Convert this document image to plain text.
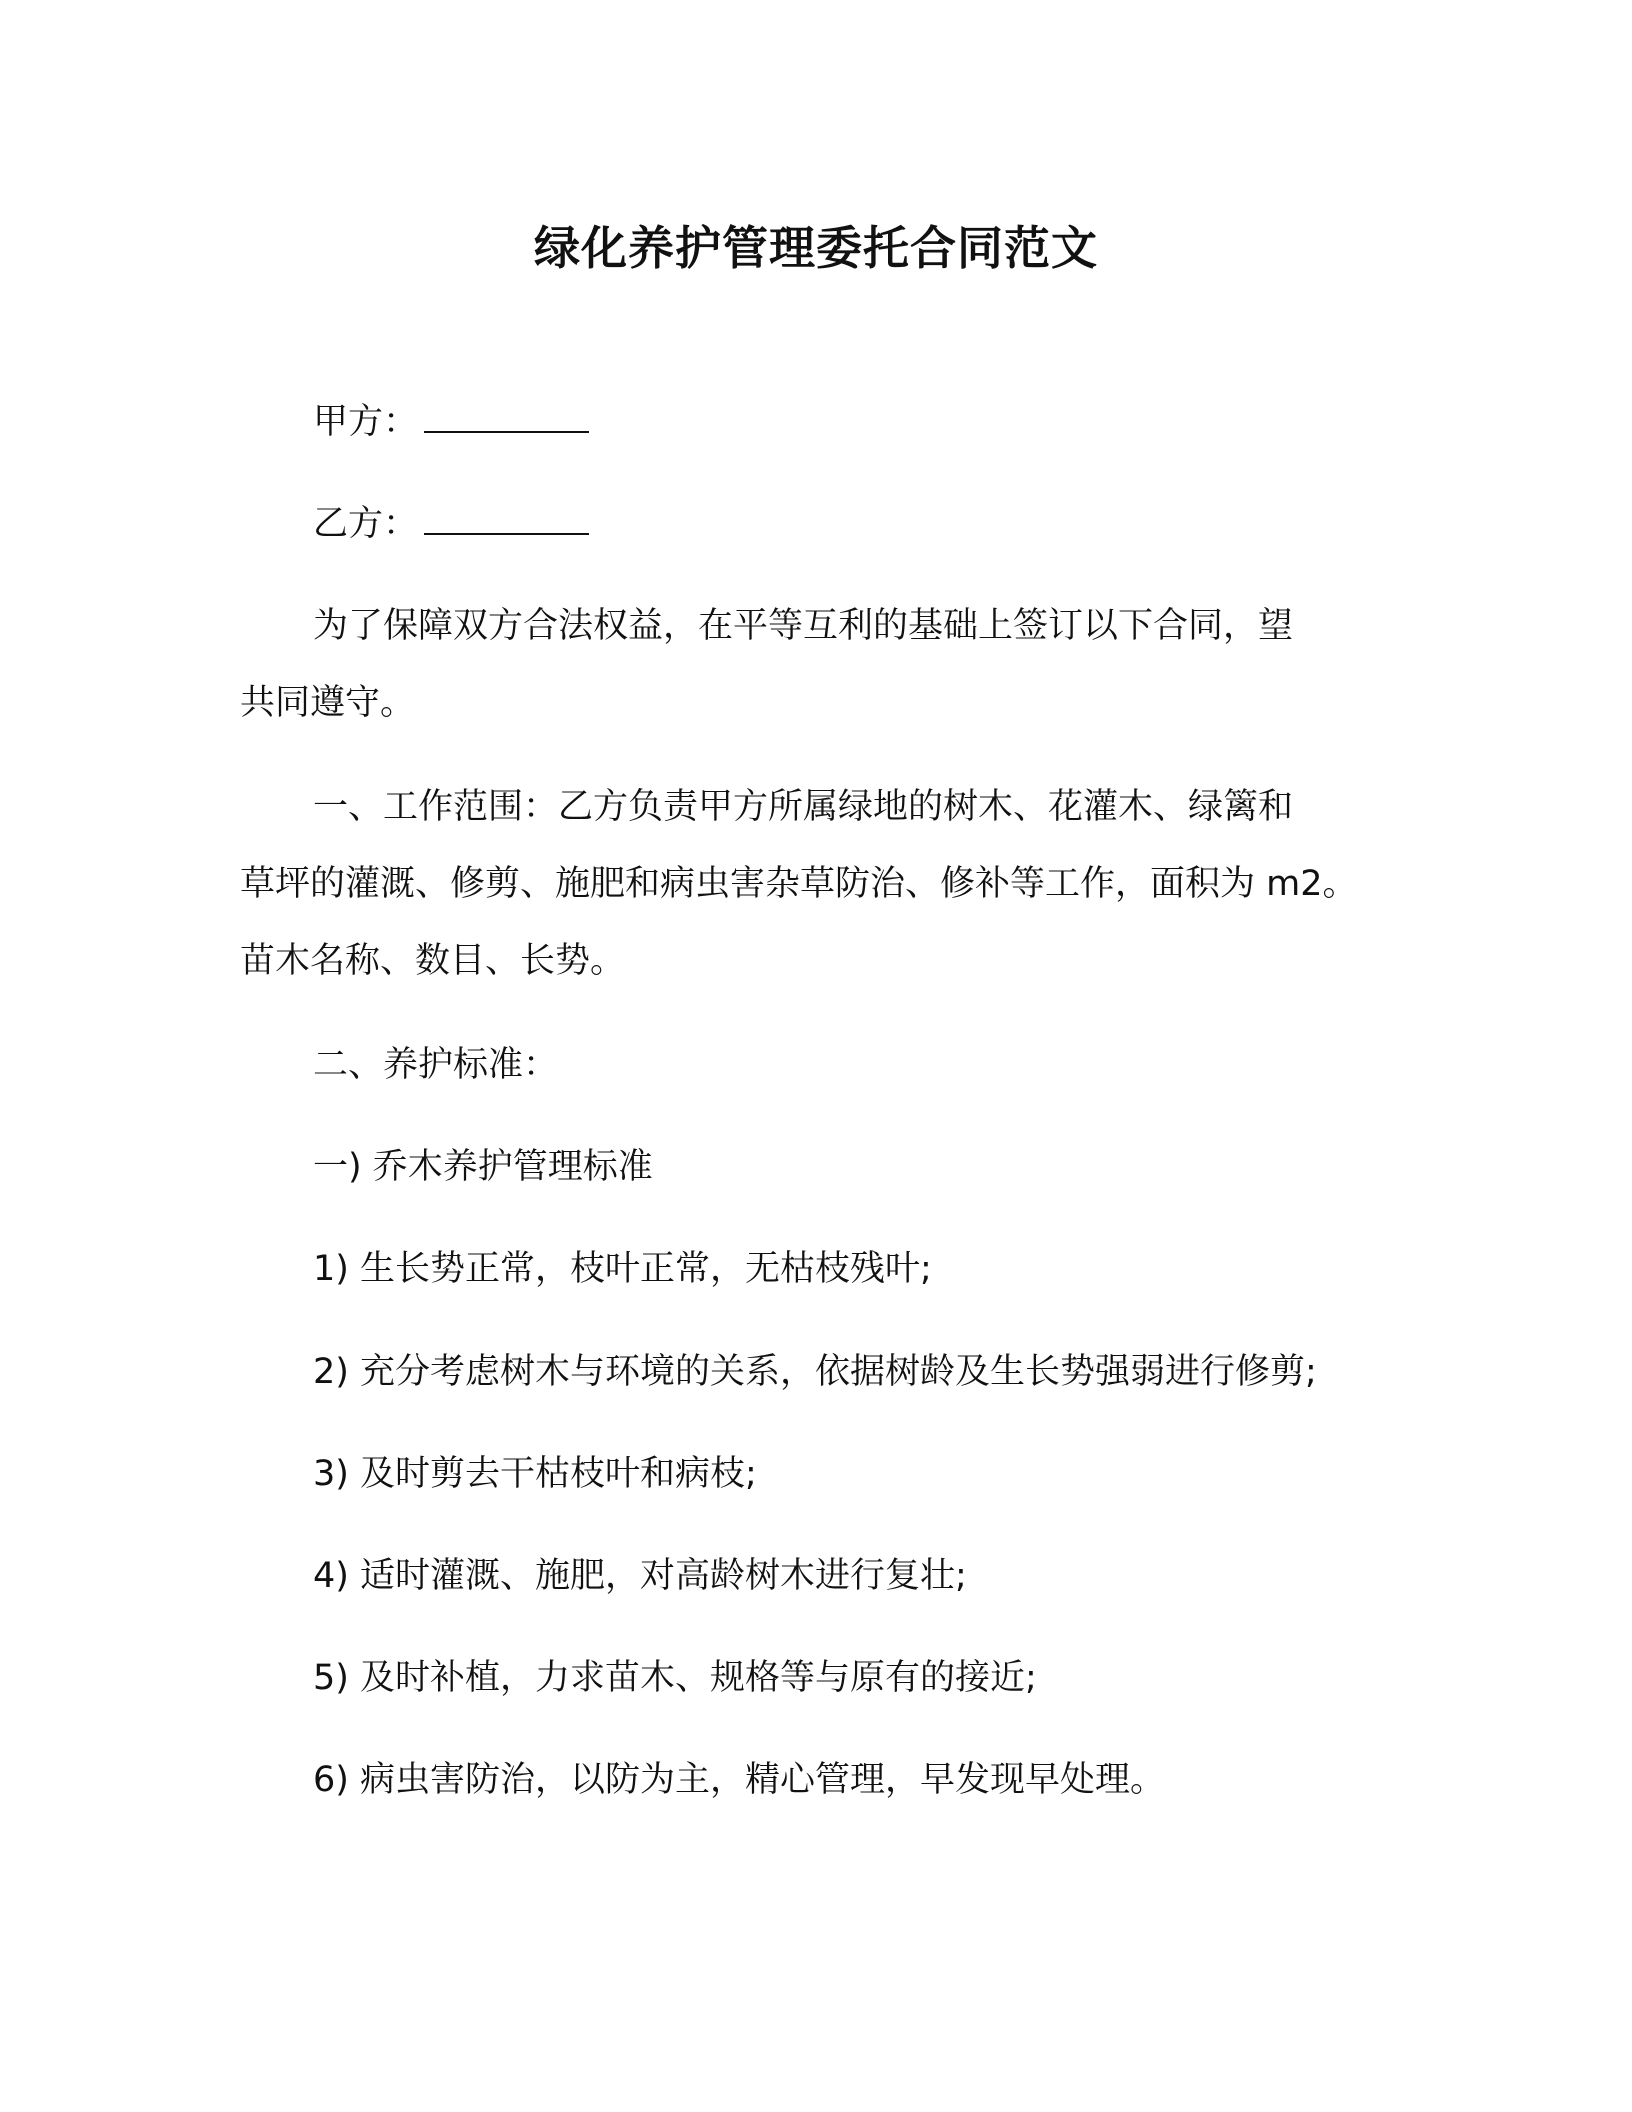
绿化养护管理委托合同范文
甲方：
乙方：
为了保障双方合法权益，在平等互利的基础上签订以下合同，望
共同遵守。
一、工作范围：乙方负责甲方所属绿地的树木、花灌木、绿篱和
草坪的灌溉、修剪、施肥和病虫害杂草防治、修补等工作，面积为 m2。
苗木名称、数目、长势。
二、养护标准：
一) 乔木养护管理标准
1) 生长势正常，枝叶正常，无枯枝残叶;
2) 充分考虑树木与环境的关系，依据树龄及生长势强弱进行修剪;
3) 及时剪去干枯枝叶和病枝;
4) 适时灌溉、施肥，对高龄树木进行复壮;
5) 及时补植，力求苗木、规格等与原有的接近;
6) 病虫害防治，以防为主，精心管理，早发现早处理。
